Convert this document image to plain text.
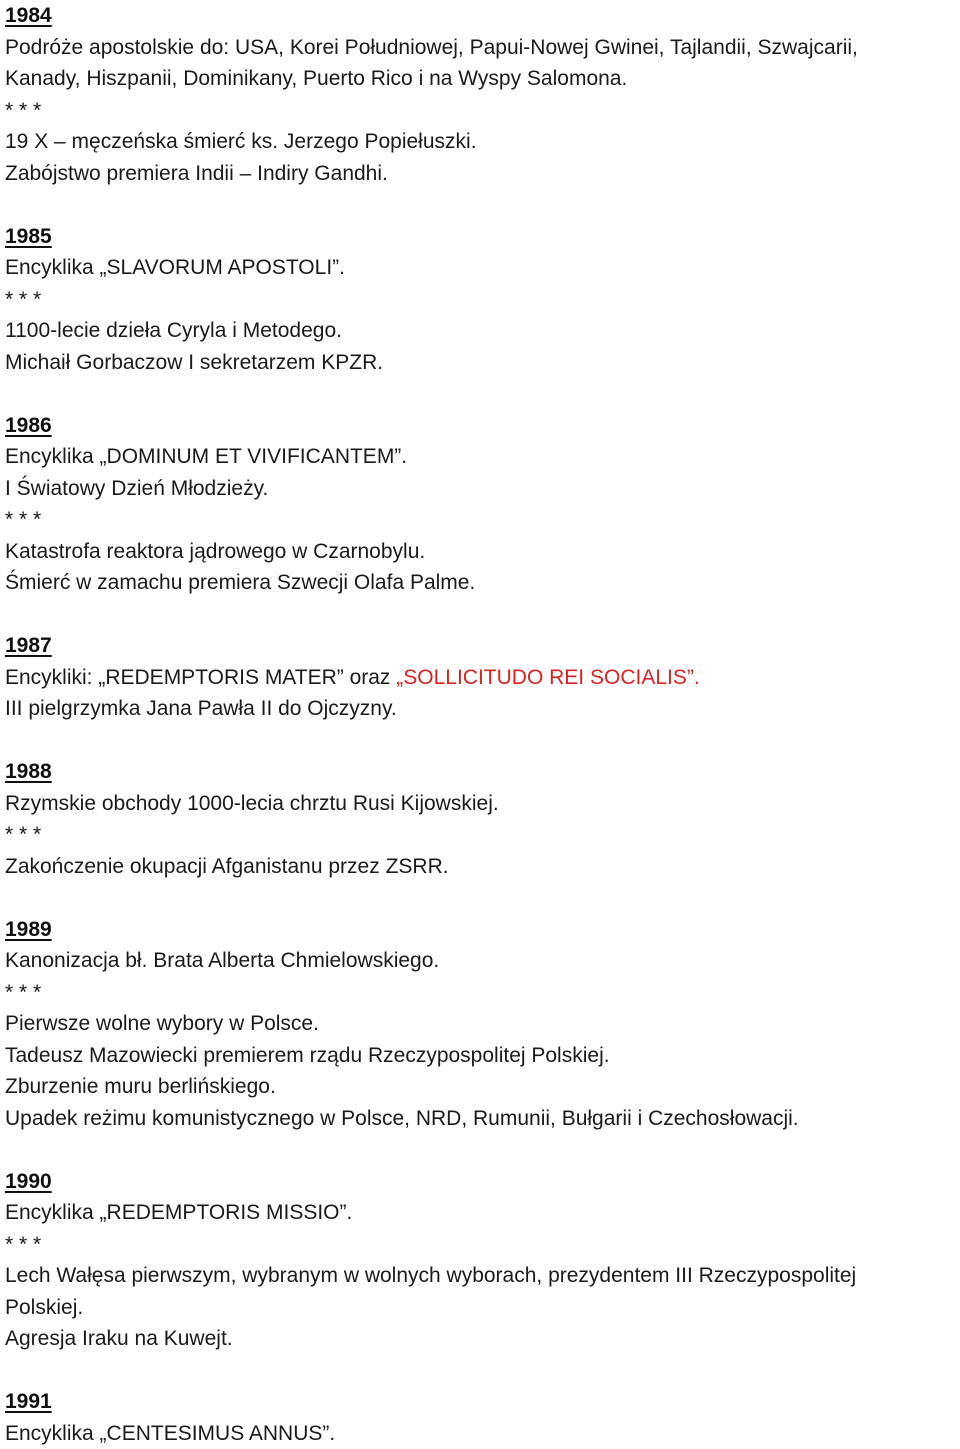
1984
Podróże apostolskie do: USA, Korei Południowej, Papui-Nowej Gwinei, Tajlandii, Szwajcarii,
Kanady, Hiszpanii, Dominikany, Puerto Rico i na Wyspy Salomona.
* * *
19 X – męczeńska śmierć ks. Jerzego Popiełuszki.
Zabójstwo premiera Indii – Indiry Gandhi.
1985
Encyklika „SLAVORUM APOSTOLI”.
* * *
1100-lecie dzieła Cyryla i Metodego.
Michaił Gorbaczow I sekretarzem KPZR.
1986
Encyklika „DOMINUM ET VIVIFICANTEM”.
I Światowy Dzień Młodzieży.
* * *
Katastrofa reaktora jądrowego w Czarnobylu.
Śmierć w zamachu premiera Szwecji Olafa Palme.
1987
Encykliki: „REDEMPTORIS MATER” oraz „SOLLICITUDO REI SOCIALIS”.
III pielgrzymka Jana Pawła II do Ojczyzny.
1988
Rzymskie obchody 1000-lecia chrztu Rusi Kijowskiej.
* * *
Zakończenie okupacji Afganistanu przez ZSRR.
1989
Kanonizacja bł. Brata Alberta Chmielowskiego.
* * *
Pierwsze wolne wybory w Polsce.
Tadeusz Mazowiecki premierem rządu Rzeczypospolitej Polskiej.
Zburzenie muru berlińskiego.
Upadek reżimu komunistycznego w Polsce, NRD, Rumunii, Bułgarii i Czechosłowacji.
1990
Encyklika „REDEMPTORIS MISSIO”.
* * *
Lech Wałęsa pierwszym, wybranym w wolnych wyborach, prezydentem III Rzeczypospolitej
Polskiej.
Agresja Iraku na Kuwejt.
1991
Encyklika „CENTESIMUS ANNUS”.
